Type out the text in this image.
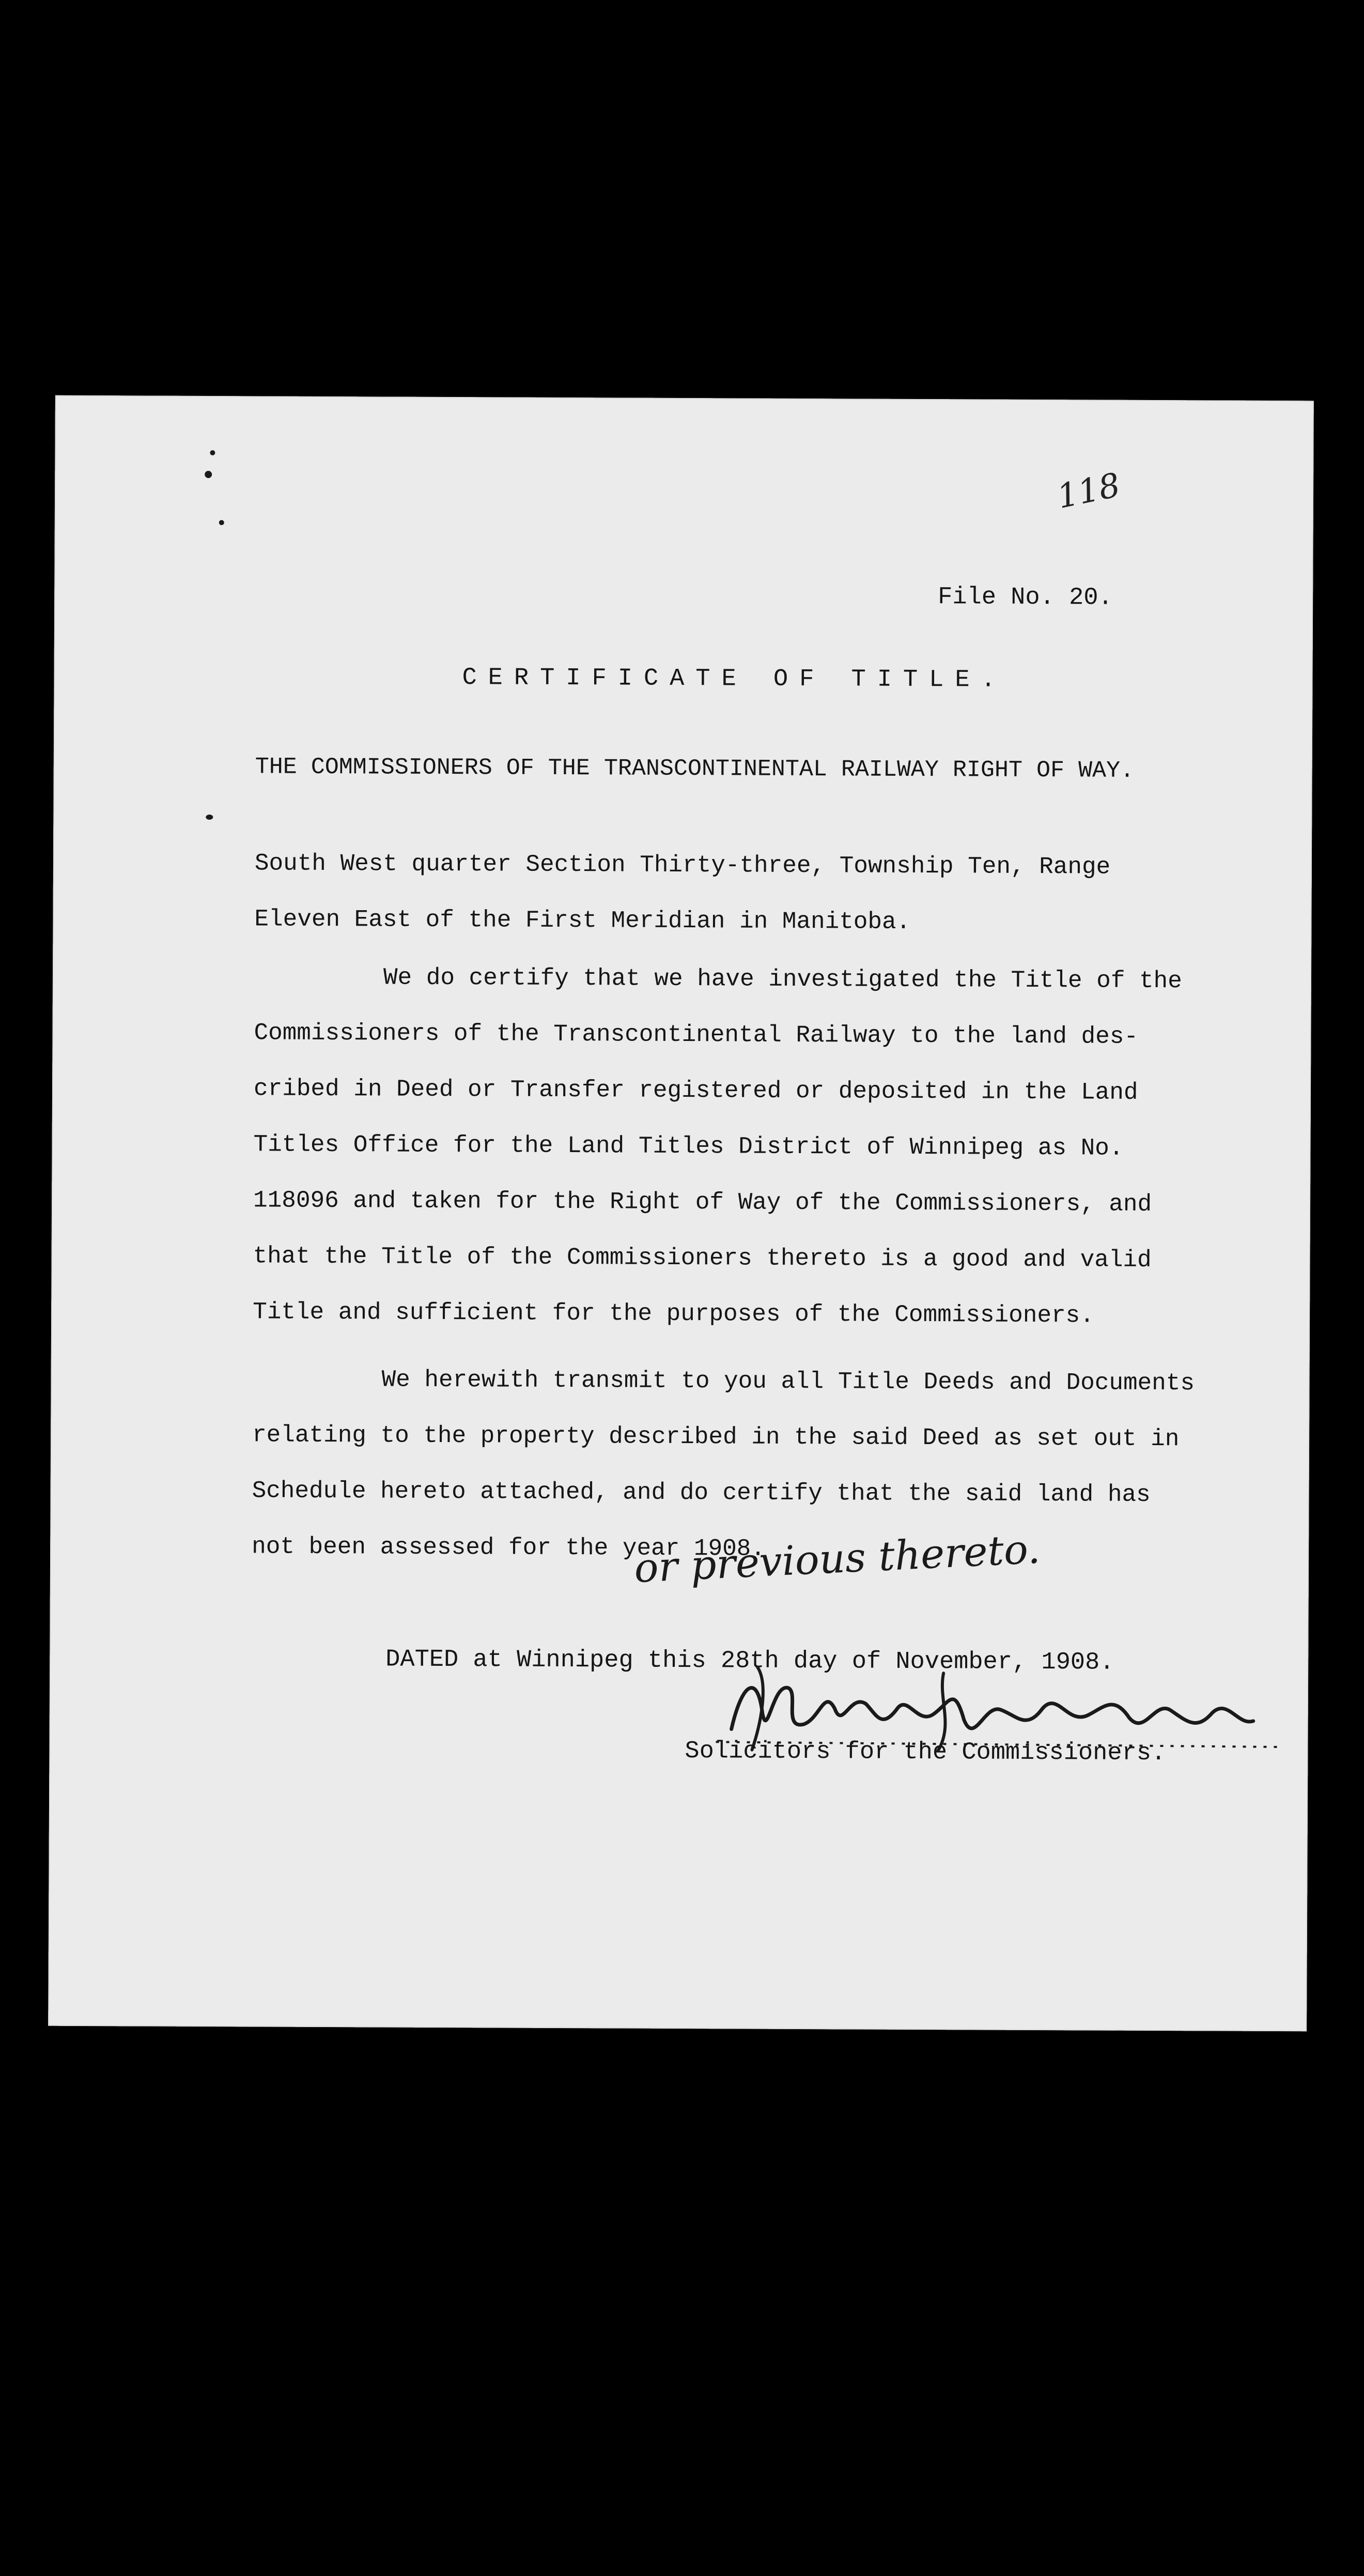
118
File No. 20.
CERTIFICATE OF TITLE.
THE COMMISSIONERS OF THE TRANSCONTINENTAL RAILWAY RIGHT OF WAY.
South West quarter Section Thirty-three, Township Ten, Range
Eleven East of the First Meridian in Manitoba.
We do certify that we have investigated the Title of the
Commissioners of the Transcontinental Railway to the land des-
cribed in Deed or Transfer registered or deposited in the Land
Titles Office for the Land Titles District of Winnipeg as No.
118096 and taken for the Right of Way of the Commissioners, and
that the Title of the Commissioners thereto is a good and valid
Title and sufficient for the purposes of the Commissioners.
We herewith transmit to you all Title Deeds and Documents
relating to the property described in the said Deed as set out in
Schedule hereto attached, and do certify that the said land has
not been assessed for the year 1908.
or previous thereto.
DATED at Winnipeg this 28th day of November, 1908.
Solicitors for the Commissioners.
